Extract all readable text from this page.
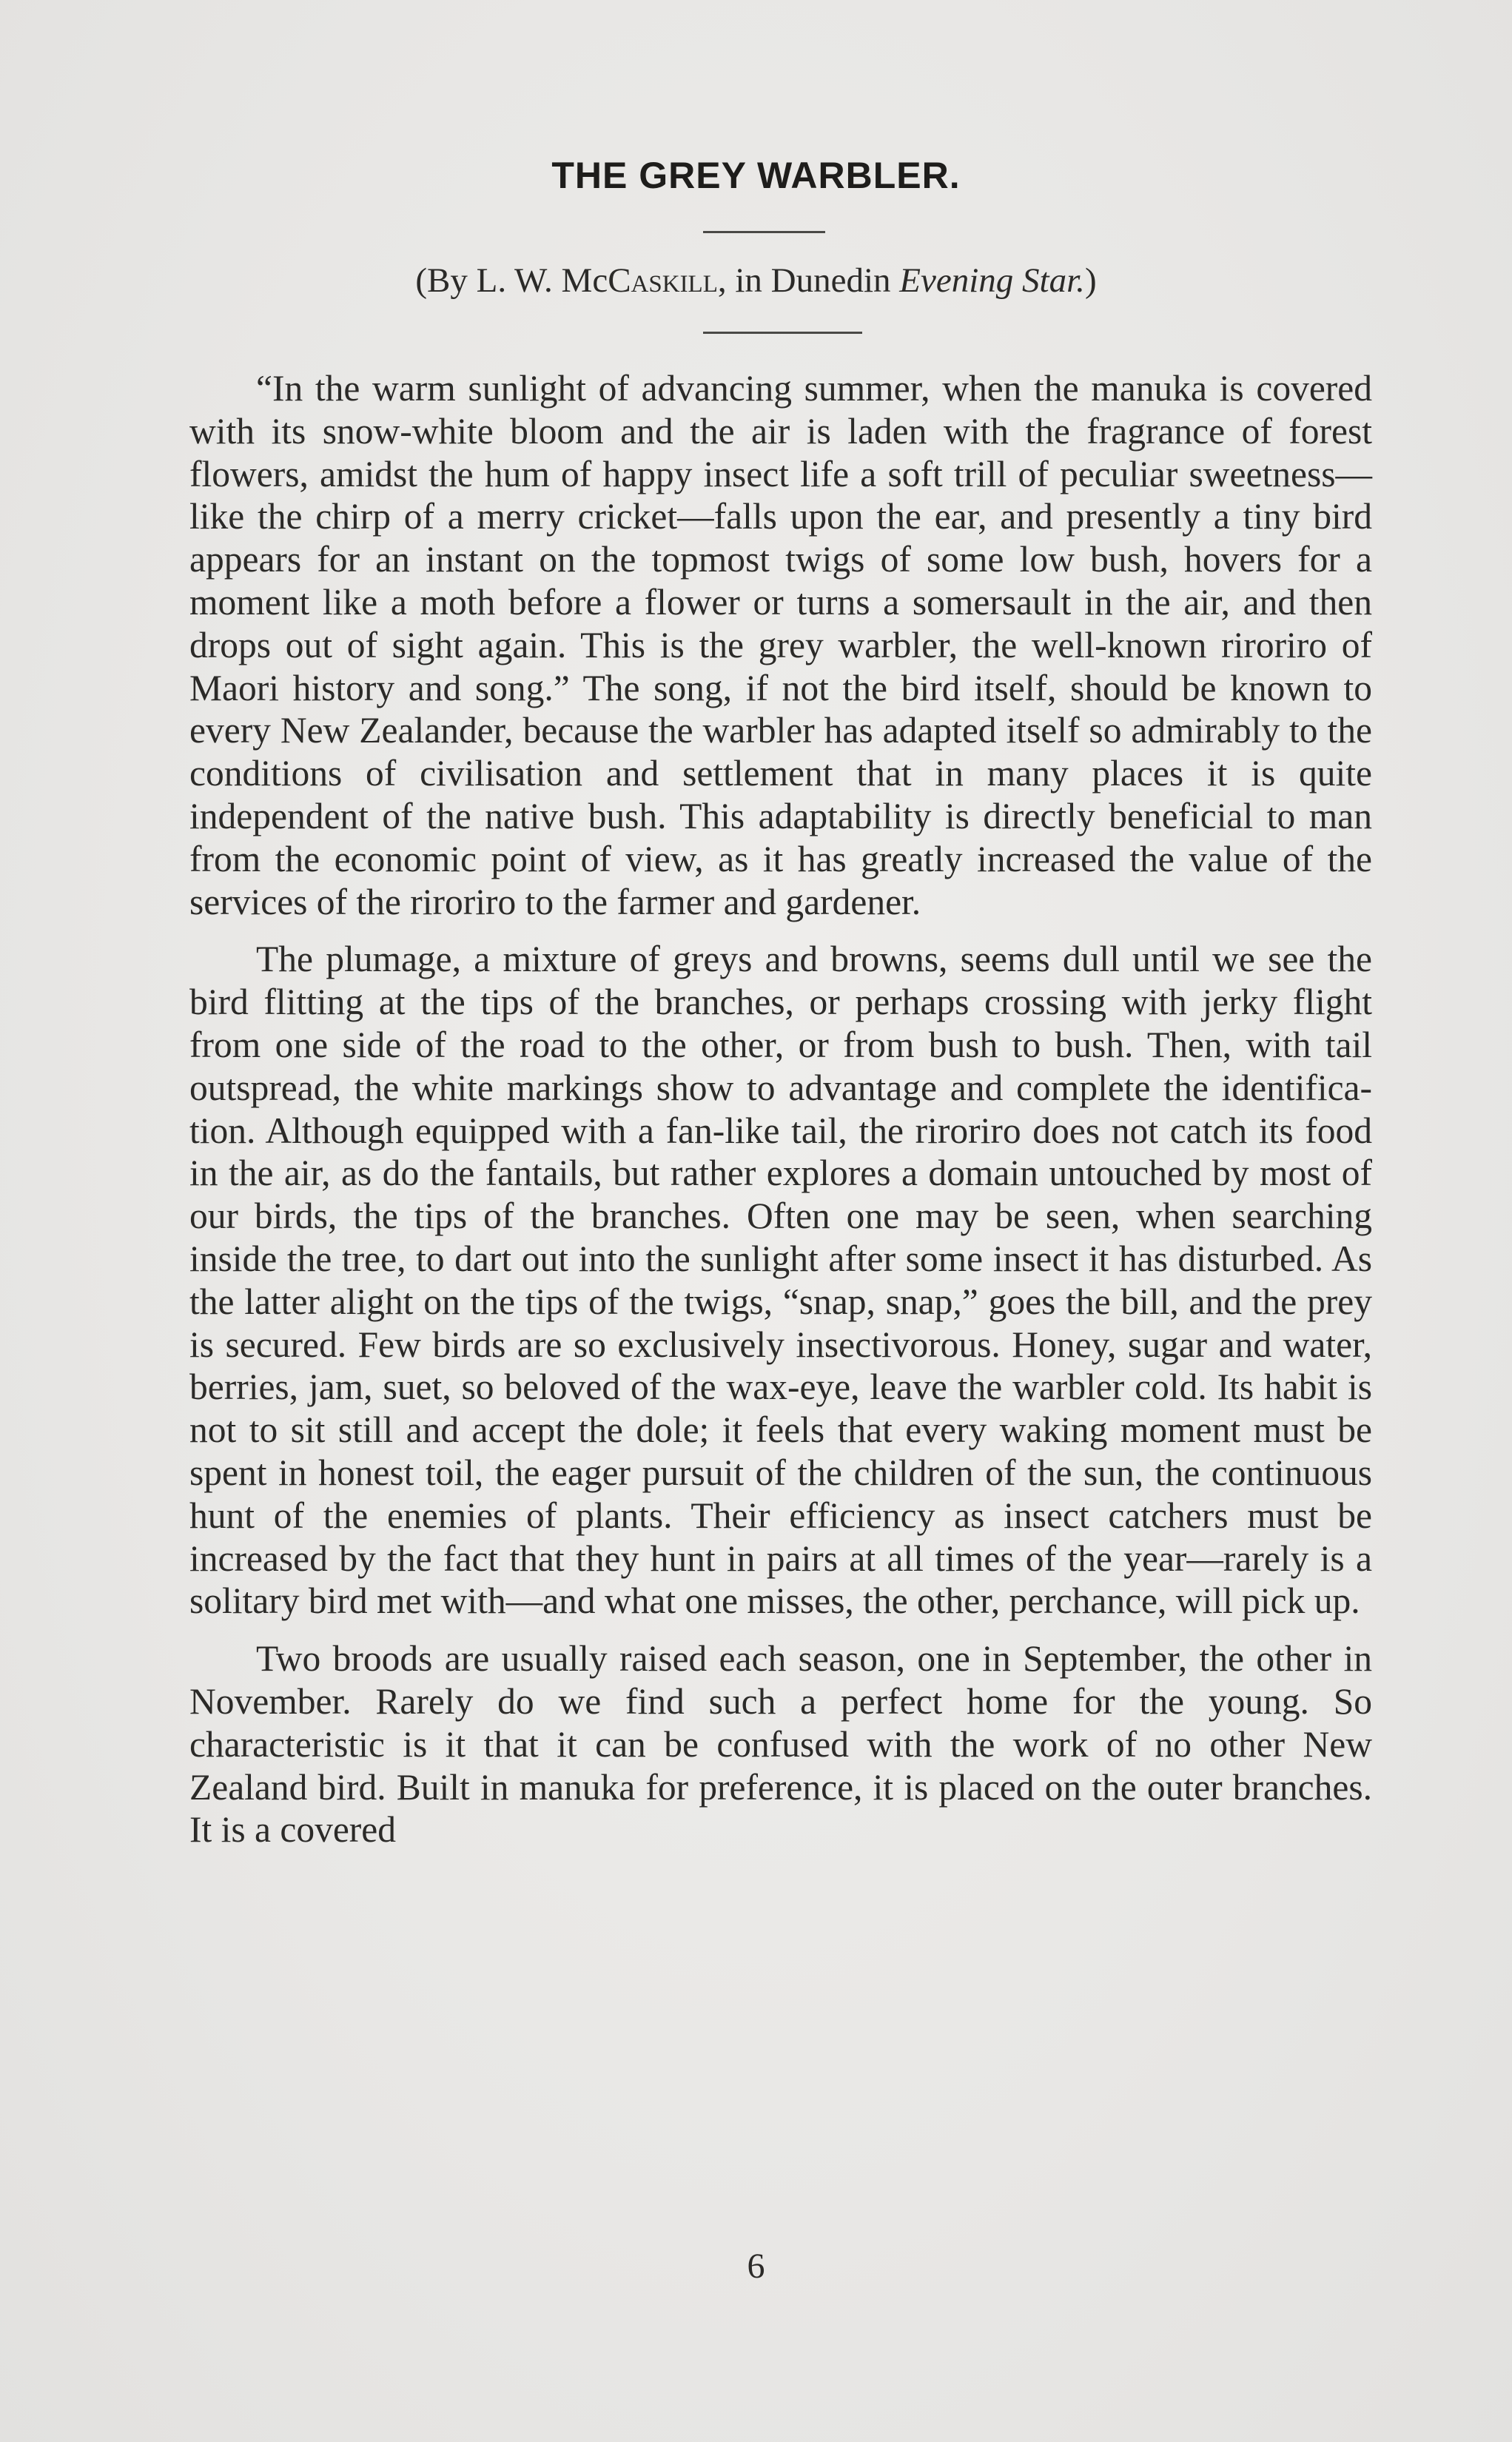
THE GREY WARBLER.

(By L. W. McCaskill, in Dunedin Evening Star.)

“In the warm sunlight of advancing summer, when the manuka is covered with its snow-white bloom and the air is laden with the fragrance of forest flowers, amidst the hum of happy insect life a soft trill of peculiar sweetness—like the chirp of a merry cricket—falls upon the ear, and presently a tiny bird appears for an instant on the topmost twigs of some low bush, hovers for a moment like a moth before a flower or turns a somersault in the air, and then drops out of sight again. This is the grey warbler, the well-known riroriro of Maori history and song.” The song, if not the bird itself, should be known to every New Zealander, because the warbler has adapted itself so admirably to the conditions of civilisation and settlement that in many places it is quite independent of the native bush. This adaptability is directly beneficial to man from the economic point of view, as it has greatly increased the value of the services of the riroriro to the farmer and gardener.

The plumage, a mixture of greys and browns, seems dull until we see the bird flitting at the tips of the branches, or perhaps crossing with jerky flight from one side of the road to the other, or from bush to bush. Then, with tail outspread, the white markings show to advantage and complete the identification. Although equipped with a fan-like tail, the riroriro does not catch its food in the air, as do the fantails, but rather explores a domain untouched by most of our birds, the tips of the branches. Often one may be seen, when searching inside the tree, to dart out into the sunlight after some insect it has disturbed. As the latter alight on the tips of the twigs, “snap, snap,” goes the bill, and the prey is secured. Few birds are so exclusively insectivorous. Honey, sugar and water, berries, jam, suet, so beloved of the wax-eye, leave the warbler cold. Its habit is not to sit still and accept the dole; it feels that every waking moment must be spent in honest toil, the eager pursuit of the children of the sun, the continuous hunt of the enemies of plants. Their efficiency as insect catchers must be increased by the fact that they hunt in pairs at all times of the year—rarely is a solitary bird met with—and what one misses, the other, perchance, will pick up.

Two broods are usually raised each season, one in September, the other in November. Rarely do we find such a perfect home for the young. So characteristic is it that it can be confused with the work of no other New Zealand bird. Built in manuka for preference, it is placed on the outer branches. It is a covered

6
